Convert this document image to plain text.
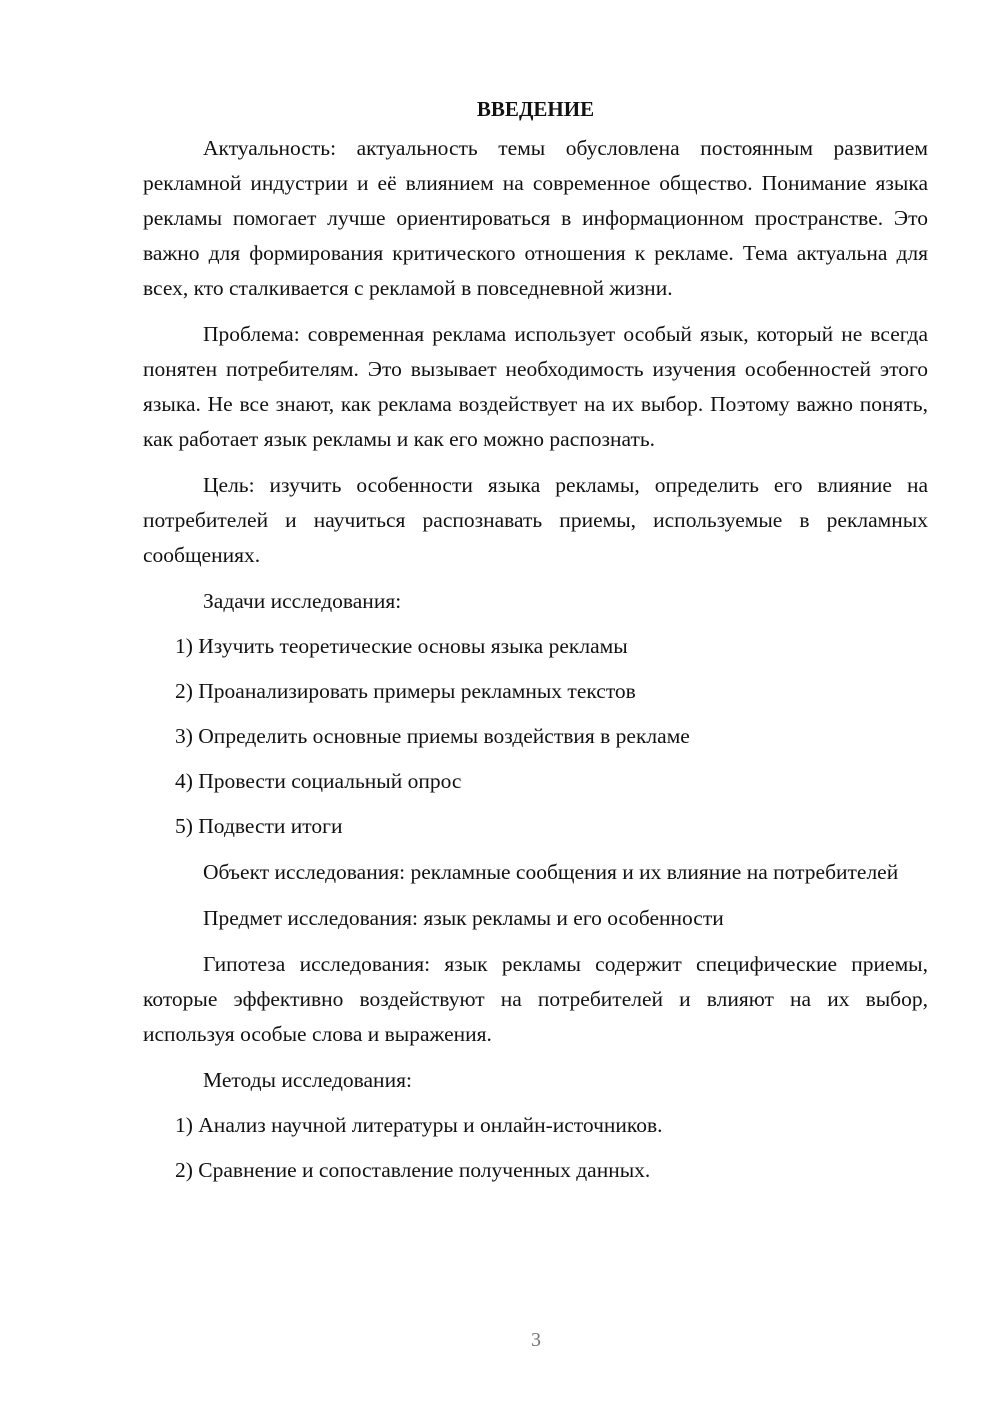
ВВЕДЕНИЕ

Актуальность: актуальность темы обусловлена постоянным развитием рекламной индустрии и её влиянием на современное общество. Понимание языка рекламы помогает лучше ориентироваться в информационном пространстве. Это важно для формирования критического отношения к рекламе. Тема актуальна для всех, кто сталкивается с рекламой в повседневной жизни.

Проблема: современная реклама использует особый язык, который не всегда понятен потребителям. Это вызывает необходимость изучения особенностей этого языка. Не все знают, как реклама воздействует на их выбор. Поэтому важно понять, как работает язык рекламы и как его можно распознать.

Цель: изучить особенности языка рекламы, определить его влияние на потребителей и научиться распознавать приемы, используемые в рекламных сообщениях.

Задачи исследования:

1) Изучить теоретические основы языка рекламы
2) Проанализировать примеры рекламных текстов
3) Определить основные приемы воздействия в рекламе
4) Провести социальный опрос
5) Подвести итоги

Объект исследования: рекламные сообщения и их влияние на потребителей

Предмет исследования: язык рекламы и его особенности

Гипотеза исследования: язык рекламы содержит специфические приемы, которые эффективно воздействуют на потребителей и влияют на их выбор, используя особые слова и выражения.

Методы исследования:

1) Анализ научной литературы и онлайн-источников.
2) Сравнение и сопоставление полученных данных.
3
